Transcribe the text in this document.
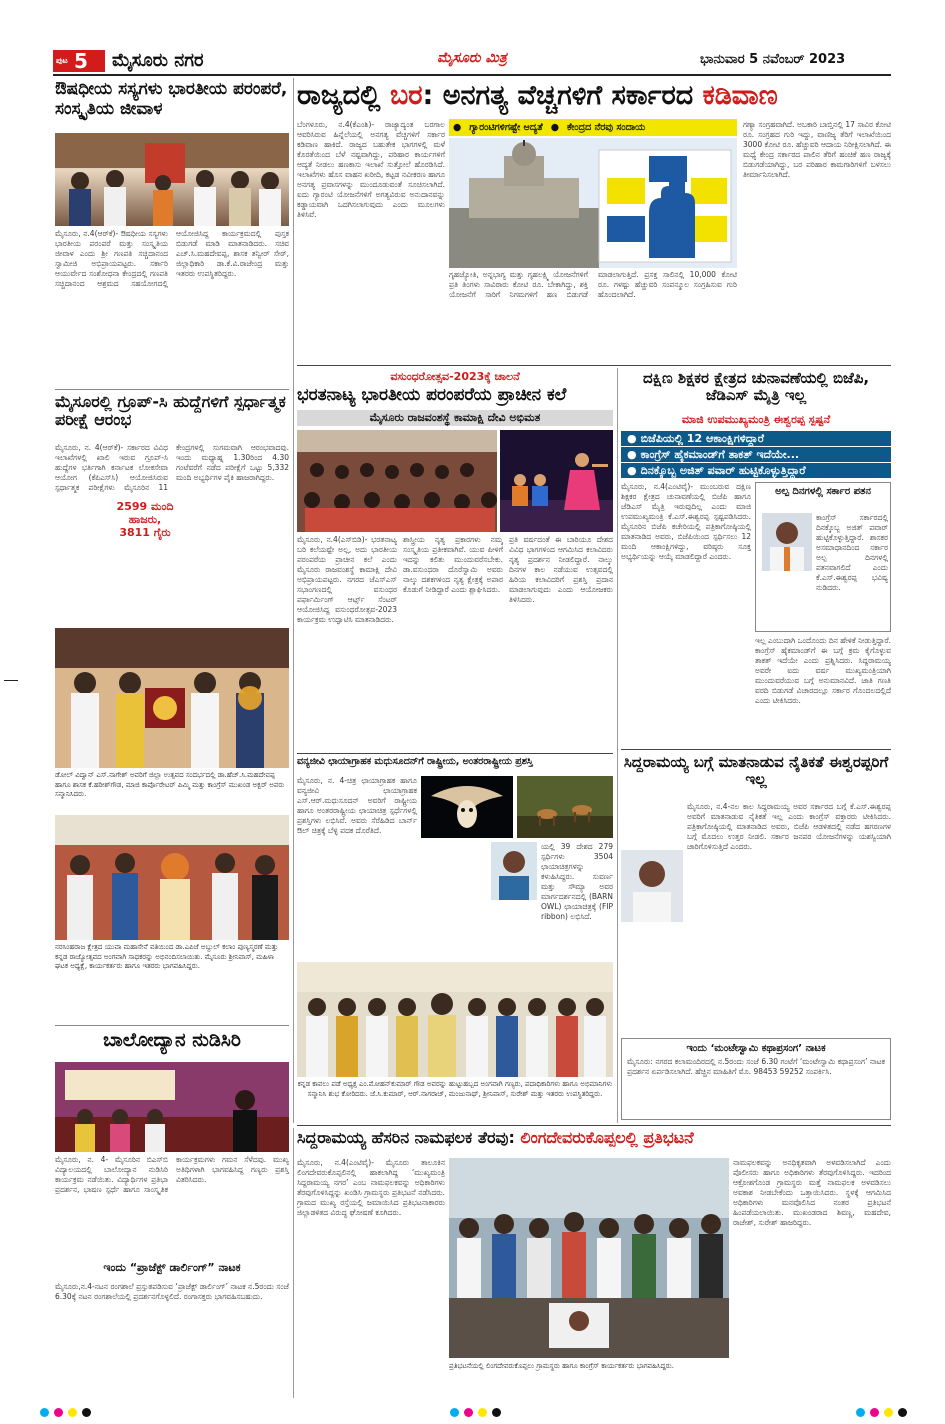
ಪುಟ 5 ಮೈಸೂರು ನಗರ	ಮೈಸೂರು ಮಿತ್ರ	ಭಾನುವಾರ 5 ನವೆಂಬರ್ 2023
ಔಷಧೀಯ ಸಸ್ಯಗಳು ಭಾರತೀಯ ಪರಂಪರೆ, ಸಂಸ್ಕೃತಿಯ ಜೀವಾಳ
ಮೈಸೂರು, ನ.4(ಆರ್‌ಕೆ)- ಔಷಧೀಯ ಸಸ್ಯಗಳು ಭಾರತೀಯ ಪರಂಪರೆ ಮತ್ತು ಸಂಸ್ಕೃತಿಯ ಜೀವಾಳ ಎಂದು ಶ್ರೀ ಗಣಪತಿ ಸಚ್ಚಿದಾನಂದ ಸ್ವಾಮೀಜಿ ಅಭಿಪ್ರಾಯಪಟ್ಟರು. ಸರ್ಕಾರಿ ಆಯುರ್ವೇದ ಸಂಶೋಧನಾ ಕೇಂದ್ರದಲ್ಲಿ ಗಣಪತಿ ಸಚ್ಚಿದಾನಂದ ಆಶ್ರಮದ ಸಹಯೋಗದಲ್ಲಿ ಆಯೋಜಿಸಿದ್ದ ಕಾರ್ಯಕ್ರಮದಲ್ಲಿ ಪುಸ್ತಕ ಬಿಡುಗಡೆ ಮಾಡಿ ಮಾತನಾಡಿದರು. ಸಚಿವ ಎಚ್.ಸಿ.ಮಹದೇವಪ್ಪ, ಶಾಸಕ ತನ್ವೀರ್ ಸೇಠ್, ಜಿಲ್ಲಾಧಿಕಾರಿ ಡಾ.ಕೆ.ವಿ.ರಾಜೇಂದ್ರ ಮತ್ತು ಇತರರು ಉಪಸ್ಥಿತರಿದ್ದರು.
ಮೈಸೂರಲ್ಲಿ ಗ್ರೂಪ್-ಸಿ ಹುದ್ದೆಗಳಿಗೆ ಸ್ಪರ್ಧಾತ್ಮಕ ಪರೀಕ್ಷೆ ಆರಂಭ
ಮೈಸೂರು, ನ. 4(ಆರ್‌ಕೆ)- ಸರ್ಕಾರದ ವಿವಿಧ ಇಲಾಖೆಗಳಲ್ಲಿ ಖಾಲಿ ಇರುವ ಗ್ರೂಪ್-ಸಿ ಹುದ್ದೆಗಳ ಭರ್ತಿಗಾಗಿ ಕರ್ನಾಟಕ ಲೋಕಸೇವಾ ಆಯೋಗ (ಕೆಪಿಎಸ್‌ಸಿ) ಆಯೋಜಿಸಿರುವ ಸ್ಪರ್ಧಾತ್ಮಕ ಪರೀಕ್ಷೆಗಳು ಮೈಸೂರಿನ 11 ಕೇಂದ್ರಗಳಲ್ಲಿ ಸುಗಮವಾಗಿ ಆರಂಭವಾದವು. ಇಂದು ಮಧ್ಯಾಹ್ನ 1.30ರಿಂದ 4.30 ಗಂಟೆವರೆಗೆ ನಡೆದ ಪರೀಕ್ಷೆಗೆ ಒಟ್ಟು 5,332 ಮಂದಿ ಅಭ್ಯರ್ಥಿಗಳ ಪೈಕಿ ಹಾಜರಾಗಿದ್ದರು.
2599 ಮಂದಿ
ಹಾಜರು,
3811 ಗೈರು
ಡೋಲ್ ವಿದ್ವಾನ್ ಎಸ್.ನಾಗೇಶ್ ಅವರಿಗೆ ಜಿಲ್ಲಾ ಉತ್ಸವದ ಸಂದರ್ಭದಲ್ಲಿ ಡಾ.ಹೆಚ್.ಸಿ.ಮಹದೇವಪ್ಪ ಹಾಗೂ ಶಾಸಕ ಕೆ.ಹರೀಶ್‌ಗೌಡ, ಮಾಜಿ ಕಾರ್ಪೊರೇಟರ್ ಪಿಮ್ಮಿ ಮತ್ತು ಕಾಂಗ್ರೆಸ್ ಮುಖಂಡ ಅಕ್ಬರ್ ಅವರು ಸನ್ಮಾನಿಸಿದರು.
ನರಸಿಂಹರಾಜ ಕ್ಷೇತ್ರದ ಯುವಾ ಮಹಾಸೇನೆ ವತಿಯಿಂದ ಡಾ.ಎಪಿಜೆ ಅಬ್ದುಲ್ ಕಲಾಂ ಪುಣ್ಯಸ್ಮರಣೆ ಮತ್ತು ಕನ್ನಡ ರಾಜ್ಯೋತ್ಸವದ ಅಂಗವಾಗಿ ಸಾಧಕರನ್ನು ಅಭಿನಂದಿಸಲಾಯಿತು. ಮೈಸೂರು ಶ್ರೀನಿವಾಸ್, ಮಹಿಳಾ ಘಟಕ ಅಧ್ಯಕ್ಷೆ, ಕಾರ್ಯಕರ್ತರು ಹಾಗೂ ಇತರರು ಭಾಗವಹಿಸಿದ್ದರು.
ಬಾಲೋದ್ಯಾನ ನುಡಿಸಿರಿ
ಮೈಸೂರು, ನ. 4- ಮೈಸೂರಿನ ಬಿಎಸ್‌ಬಿ ವಿದ್ಯಾಲಯದಲ್ಲಿ ಬಾಲೋದ್ಯಾನ ನುಡಿಸಿರಿ ಕಾರ್ಯಕ್ರಮ ನಡೆಯಿತು. ವಿದ್ಯಾರ್ಥಿಗಳ ಪ್ರತಿಭಾ ಪ್ರದರ್ಶನ, ಭಾಷಣ ಸ್ಪರ್ಧೆ ಹಾಗೂ ಸಾಂಸ್ಕೃತಿಕ ಕಾರ್ಯಕ್ರಮಗಳು ಗಮನ ಸೆಳೆದವು. ಮುಖ್ಯ ಅತಿಥಿಗಳಾಗಿ ಭಾಗವಹಿಸಿದ್ದ ಗಣ್ಯರು ಪ್ರಶಸ್ತಿ ವಿತರಿಸಿದರು.
ಇಂದು “ಪ್ರಾಜೆಕ್ಟ್ ಡಾರ್ಲಿಂಗ್” ನಾಟಕ
ಮೈಸೂರು,ನ.4-ನಟನ ರಂಗಶಾಲೆ ಪ್ರಸ್ತುತಪಡಿಸುವ ‘ಪ್ರಾಜೆಕ್ಟ್ ಡಾರ್ಲಿಂಗ್’ ನಾಟಕ ನ.5ರಂದು ಸಂಜೆ 6.30ಕ್ಕೆ ನಟನ ರಂಗಶಾಲೆಯಲ್ಲಿ ಪ್ರದರ್ಶನಗೊಳ್ಳಲಿದೆ. ರಂಗಾಸಕ್ತರು ಭಾಗವಹಿಸಬಹುದು.
ರಾಜ್ಯದಲ್ಲಿ ಬರ: ಅನಗತ್ಯ ವೆಚ್ಚಗಳಿಗೆ ಸರ್ಕಾರದ ಕಡಿವಾಣ
ಬೆಂಗಳೂರು, ನ.4(ಕೆಎಂಶಿ)- ರಾಜ್ಯಾದ್ಯಂತ ಬರಗಾಲ ಆವರಿಸಿರುವ ಹಿನ್ನೆಲೆಯಲ್ಲಿ ಅನಗತ್ಯ ವೆಚ್ಚಗಳಿಗೆ ಸರ್ಕಾರ ಕಡಿವಾಣ ಹಾಕಿದೆ. ರಾಜ್ಯದ ಬಹುತೇಕ ಭಾಗಗಳಲ್ಲಿ ಮಳೆ ಕೊರತೆಯಿಂದ ಬೆಳೆ ನಷ್ಟವಾಗಿದ್ದು, ಪರಿಹಾರ ಕಾರ್ಯಗಳಿಗೆ ಆದ್ಯತೆ ನೀಡಲು ಹಣಕಾಸು ಇಲಾಖೆ ಸುತ್ತೋಲೆ ಹೊರಡಿಸಿದೆ. ಇಲಾಖೆಗಳು ಹೊಸ ವಾಹನ ಖರೀದಿ, ಕಟ್ಟಡ ನವೀಕರಣ ಹಾಗೂ ಅನಗತ್ಯ ಪ್ರವಾಸಗಳನ್ನು ಮುಂದೂಡುವಂತೆ ಸೂಚಿಸಲಾಗಿದೆ. ಐದು ಗ್ಯಾರಂಟಿ ಯೋಜನೆಗಳಿಗೆ ಅಗತ್ಯವಿರುವ ಅನುದಾನವನ್ನು ಕಡ್ಡಾಯವಾಗಿ ಒದಗಿಸಲಾಗುವುದು ಎಂದು ಮೂಲಗಳು ತಿಳಿಸಿವೆ.
● ಗ್ಯಾರಂಟಿಗಳಿಗಷ್ಟೇ ಆದ್ಯತೆ ● ಕೇಂದ್ರದ ನೆರವು ಸಂದಾಯ
ಗೃಹಜ್ಯೋತಿ, ಅನ್ನಭಾಗ್ಯ ಮತ್ತು ಗೃಹಲಕ್ಷ್ಮಿ ಯೋಜನೆಗಳಿಗೆ ಪ್ರತಿ ತಿಂಗಳು ಸಾವಿರಾರು ಕೋಟಿ ರೂ. ಬೇಕಾಗಿದ್ದು, ಶಕ್ತಿ ಯೋಜನೆಗೆ ಸಾರಿಗೆ ನಿಗಮಗಳಿಗೆ ಹಣ ಬಿಡುಗಡೆ ಮಾಡಲಾಗುತ್ತಿದೆ. ಪ್ರಸಕ್ತ ಸಾಲಿನಲ್ಲಿ 10,000 ಕೋಟಿ ರೂ. ಗಳಷ್ಟು ಹೆಚ್ಚುವರಿ ಸಂಪನ್ಮೂಲ ಸಂಗ್ರಹಿಸುವ ಗುರಿ ಹೊಂದಲಾಗಿದೆ.
ಗಣ್ಯಾ ಸಂಗ್ರಹವಾಗಿದೆ. ಅಬಕಾರಿ ಬಾಬ್ತಿನಲ್ಲಿ 17 ಸಾವಿರ ಕೋಟಿ ರೂ. ಸಂಗ್ರಹದ ಗುರಿ ಇದ್ದು, ವಾಣಿಜ್ಯ ತೆರಿಗೆ ಇಲಾಖೆಯಿಂದ 3000 ಕೋಟಿ ರೂ. ಹೆಚ್ಚುವರಿ ಆದಾಯ ನಿರೀಕ್ಷಿಸಲಾಗಿದೆ. ಈ ಮಧ್ಯೆ ಕೇಂದ್ರ ಸರ್ಕಾರದ ಪಾಲಿನ ತೆರಿಗೆ ಹಂಚಿಕೆ ಹಣ ರಾಜ್ಯಕ್ಕೆ ಬಿಡುಗಡೆಯಾಗಿದ್ದು, ಬರ ಪರಿಹಾರ ಕಾಮಗಾರಿಗಳಿಗೆ ಬಳಸಲು ತೀರ್ಮಾನಿಸಲಾಗಿದೆ.
ವಸುಂಧರೋತ್ಸವ-2023ಕ್ಕೆ ಚಾಲನೆ
ಭರತನಾಟ್ಯ ಭಾರತೀಯ ಪರಂಪರೆಯ ಪ್ರಾಚೀನ ಕಲೆ
ಮೈಸೂರು ರಾಜವಂಶಸ್ಥೆ ಕಾಮಾಕ್ಷಿ ದೇವಿ ಅಭಿಮತ
ಮೈಸೂರು, ನ.4(ಎಸ್‌ಬಿಡಿ)- ಭರತನಾಟ್ಯ ಬರಿ ಕಲೆಯಷ್ಟೇ ಅಲ್ಲ, ಅದು ಭಾರತೀಯ ಪರಂಪರೆಯ ಪ್ರಾಚೀನ ಕಲೆ ಎಂದು ಮೈಸೂರು ರಾಜವಂಶಸ್ಥೆ ಕಾಮಾಕ್ಷಿ ದೇವಿ ಅಭಿಪ್ರಾಯಪಟ್ಟರು. ನಗರದ ಜೆಎಸ್‌ಎಸ್ ಸಭಾಂಗಣದಲ್ಲಿ ವಸುಂಧರ ಪರ್ಫಾರ್ಮಿಂಗ್ ಆರ್ಟ್ಸ್ ಸೆಂಟರ್ ಆಯೋಜಿಸಿದ್ದ ವಸುಂಧರೋತ್ಸವ-2023 ಕಾರ್ಯಕ್ರಮ ಉದ್ಘಾಟಿಸಿ ಮಾತನಾಡಿದರು.
ಶಾಸ್ತ್ರೀಯ ನೃತ್ಯ ಪ್ರಕಾರಗಳು ನಮ್ಮ ಸಂಸ್ಕೃತಿಯ ಪ್ರತೀಕವಾಗಿವೆ. ಯುವ ಪೀಳಿಗೆ ಇದನ್ನು ಕಲಿತು ಮುಂದುವರೆಸಬೇಕು. ಡಾ.ವಸುಂಧರಾ ದೊರೆಸ್ವಾಮಿ ಅವರು ನಾಲ್ಕು ದಶಕಗಳಿಂದ ನೃತ್ಯ ಕ್ಷೇತ್ರಕ್ಕೆ ಅಪಾರ ಕೊಡುಗೆ ನೀಡಿದ್ದಾರೆ ಎಂದು ಶ್ಲಾಘಿಸಿದರು.
ಪ್ರತಿ ವರ್ಷದಂತೆ ಈ ಬಾರಿಯೂ ದೇಶದ ವಿವಿಧ ಭಾಗಗಳಿಂದ ಆಗಮಿಸಿದ ಕಲಾವಿದರು ನೃತ್ಯ ಪ್ರದರ್ಶನ ನೀಡಲಿದ್ದಾರೆ. ನಾಲ್ಕು ದಿನಗಳ ಕಾಲ ನಡೆಯುವ ಉತ್ಸವದಲ್ಲಿ ಹಿರಿಯ ಕಲಾವಿದರಿಗೆ ಪ್ರಶಸ್ತಿ ಪ್ರದಾನ ಮಾಡಲಾಗುವುದು ಎಂದು ಆಯೋಜಕರು ತಿಳಿಸಿದರು.
ವನ್ಯಜೀವಿ ಛಾಯಾಗ್ರಾಹಕ ಮಧುಸೂದನ್‌ಗೆ ರಾಷ್ಟ್ರೀಯ, ಅಂತರರಾಷ್ಟ್ರೀಯ ಪ್ರಶಸ್ತಿ
ಮೈಸೂರು, ನ. 4-ಚಿತ್ರ ಛಾಯಾಗ್ರಾಹಕ ಹಾಗೂ ವನ್ಯಜೀವಿ ಛಾಯಾಗ್ರಾಹಕ ಎಸ್.ಆರ್.ಮಧುಸೂದನ್ ಅವರಿಗೆ ರಾಷ್ಟ್ರೀಯ ಹಾಗೂ ಅಂತರರಾಷ್ಟ್ರೀಯ ಛಾಯಾಚಿತ್ರ ಸ್ಪರ್ಧೆಗಳಲ್ಲಿ ಪ್ರಶಸ್ತಿಗಳು ಲಭಿಸಿವೆ. ಅವರು ಸೆರೆಹಿಡಿದ ಬಾರ್ನ್ ಔಲ್ ಚಿತ್ರಕ್ಕೆ ಬೆಳ್ಳಿ ಪದಕ ದೊರೆತಿದೆ.
ಯಲ್ಲಿ 39 ದೇಶದ 279 ಸ್ಪರ್ಧಿಗಳು 3504 ಛಾಯಾಚಿತ್ರಗಳನ್ನು ಕಳುಹಿಸಿದ್ದರು. ಸುವರ್ಣ ಮತ್ತು ಸೌಮ್ಯಾ ಅವರ ಮಾರ್ಗದರ್ಶನದಲ್ಲಿ (BARN OWL) ಛಾಯಾಚಿತ್ರಕ್ಕೆ (FIP ribbon) ಲಭಿಸಿದೆ.
ಕನ್ನಡ ಕಾವಲು ಪಡೆ ಅಧ್ಯಕ್ಷ ಎಂ.ಮೋಹನ್‌ಕುಮಾರ್ ಗೌಡ ಅವರನ್ನು ಹುಟ್ಟುಹಬ್ಬದ ಅಂಗವಾಗಿ ಗಣ್ಯರು, ಪದಾಧಿಕಾರಿಗಳು ಹಾಗೂ ಅಭಿಮಾನಿಗಳು ಸನ್ಮಾನಿಸಿ ಶುಭ ಕೋರಿದರು. ಜೆ.ಸಿ.ಕುಮಾರ್, ಆರ್.ನಾಗರಾಜ್, ಮಂಜುನಾಥ್, ಶ್ರೀನಿವಾಸ್, ಸುರೇಶ್ ಮತ್ತು ಇತರರು ಉಪಸ್ಥಿತರಿದ್ದರು.
ದಕ್ಷಿಣ ಶಿಕ್ಷಕರ ಕ್ಷೇತ್ರದ ಚುನಾವಣೆಯಲ್ಲಿ ಬಿಜೆಪಿ, ಜೆಡಿಎಸ್ ಮೈತ್ರಿ ಇಲ್ಲ
ಮಾಜಿ ಉಪಮುಖ್ಯಮಂತ್ರಿ ಈಶ್ವರಪ್ಪ ಸ್ಪಷ್ಟನೆ
● ಬಿಜೆಪಿಯಲ್ಲಿ 12 ಆಕಾಂಕ್ಷಿಗಳಿದ್ದಾರೆ
● ಕಾಂಗ್ರೆಸ್ ಹೈಕಮಾಂಡ್‌ಗೆ ತಾಕತ್ ಇದೆಯೇ...
● ದಿನಕ್ಕೊಬ್ಬ ಅಜಿತ್ ಪವಾರ್ ಹುಟ್ಟಿಕೊಳ್ಳುತ್ತಿದ್ದಾರೆ
ಮೈಸೂರು, ನ.4(ಎಂಟಿವೈ)- ಮುಂಬರುವ ದಕ್ಷಿಣ ಶಿಕ್ಷಕರ ಕ್ಷೇತ್ರದ ಚುನಾವಣೆಯಲ್ಲಿ ಬಿಜೆಪಿ ಹಾಗೂ ಜೆಡಿಎಸ್ ಮೈತ್ರಿ ಇರುವುದಿಲ್ಲ ಎಂದು ಮಾಜಿ ಉಪಮುಖ್ಯಮಂತ್ರಿ ಕೆ.ಎಸ್.ಈಶ್ವರಪ್ಪ ಸ್ಪಷ್ಟಪಡಿಸಿದರು. ಮೈಸೂರಿನ ಬಿಜೆಪಿ ಕಚೇರಿಯಲ್ಲಿ ಪತ್ರಿಕಾಗೋಷ್ಠಿಯಲ್ಲಿ ಮಾತನಾಡಿದ ಅವರು, ಬಿಜೆಪಿಯಿಂದ ಸ್ಪರ್ಧಿಸಲು 12 ಮಂದಿ ಆಕಾಂಕ್ಷಿಗಳಿದ್ದು, ವರಿಷ್ಠರು ಸೂಕ್ತ ಅಭ್ಯರ್ಥಿಯನ್ನು ಆಯ್ಕೆ ಮಾಡಲಿದ್ದಾರೆ ಎಂದರು.
ಅಲ್ಪ ದಿನಗಳಲ್ಲಿ ಸರ್ಕಾರ ಪತನ
ಕಾಂಗ್ರೆಸ್ ಸರ್ಕಾರದಲ್ಲಿ ದಿನಕ್ಕೊಬ್ಬ ಅಜಿತ್ ಪವಾರ್ ಹುಟ್ಟಿಕೊಳ್ಳುತ್ತಿದ್ದಾರೆ. ಶಾಸಕರ ಅಸಮಾಧಾನದಿಂದ ಸರ್ಕಾರ ಅಲ್ಪ ದಿನಗಳಲ್ಲಿ ಪತನವಾಗಲಿದೆ ಎಂದು ಕೆ.ಎಸ್.ಈಶ್ವರಪ್ಪ ಭವಿಷ್ಯ ನುಡಿದರು.
ಇಲ್ಲ ಎಂಬುದಾಗಿ ಒಂದೊಂದು ದಿನ ಹೇಳಿಕೆ ನೀಡುತ್ತಿದ್ದಾರೆ. ಕಾಂಗ್ರೆಸ್ ಹೈಕಮಾಂಡ್‌ಗೆ ಈ ಬಗ್ಗೆ ಕ್ರಮ ಕೈಗೊಳ್ಳುವ ತಾಕತ್ ಇದೆಯೇ ಎಂದು ಪ್ರಶ್ನಿಸಿದರು. ಸಿದ್ದರಾಮಯ್ಯ ಅವರೇ ಐದು ವರ್ಷ ಮುಖ್ಯಮಂತ್ರಿಯಾಗಿ ಮುಂದುವರೆಯುವ ಬಗ್ಗೆ ಅನುಮಾನವಿದೆ. ಜಾತಿ ಗಣತಿ ವರದಿ ಬಿಡುಗಡೆ ವಿಚಾರದಲ್ಲೂ ಸರ್ಕಾರ ಗೊಂದಲದಲ್ಲಿದೆ ಎಂದು ಟೀಕಿಸಿದರು.
ಸಿದ್ದರಾಮಯ್ಯ ಬಗ್ಗೆ ಮಾತನಾಡುವ ನೈತಿಕತೆ ಈಶ್ವರಪ್ಪರಿಗೆ ಇಲ್ಲ
ಮೈಸೂರು, ನ.4-ನಲ ಕಾಲ ಸಿದ್ದರಾಮಯ್ಯ ಅವರ ಸರ್ಕಾರದ ಬಗ್ಗೆ ಕೆ.ಎಸ್.ಈಶ್ವರಪ್ಪ ಅವರಿಗೆ ಮಾತನಾಡುವ ನೈತಿಕತೆ ಇಲ್ಲ ಎಂದು ಕಾಂಗ್ರೆಸ್ ವಕ್ತಾರರು ಟೀಕಿಸಿದರು. ಪತ್ರಿಕಾಗೋಷ್ಠಿಯಲ್ಲಿ ಮಾತನಾಡಿದ ಅವರು, ಬಿಜೆಪಿ ಆಡಳಿತದಲ್ಲಿ ನಡೆದ ಹಗರಣಗಳ ಬಗ್ಗೆ ಮೊದಲು ಉತ್ತರ ನೀಡಲಿ. ಸರ್ಕಾರ ಜನಪರ ಯೋಜನೆಗಳನ್ನು ಯಶಸ್ವಿಯಾಗಿ ಜಾರಿಗೊಳಿಸುತ್ತಿದೆ ಎಂದರು.
ಇಂದು ‘ಮಂಟೇಸ್ವಾಮಿ ಕಥಾಪ್ರಸಂಗ’ ನಾಟಕ
ಮೈಸೂರು: ನಗರದ ಕಲಾಮಂದಿರದಲ್ಲಿ ನ.5ರಂದು ಸಂಜೆ 6.30 ಗಂಟೆಗೆ ‘ಮಂಟೇಸ್ವಾಮಿ ಕಥಾಪ್ರಸಂಗ’ ನಾಟಕ ಪ್ರದರ್ಶನ ಏರ್ಪಡಿಸಲಾಗಿದೆ. ಹೆಚ್ಚಿನ ಮಾಹಿತಿಗೆ ಮೊ. 98453 59252 ಸಂಪರ್ಕಿಸಿ.
ಸಿದ್ದರಾಮಯ್ಯ ಹೆಸರಿನ ನಾಮಫಲಕ ತೆರವು: ಲಿಂಗದೇವರುಕೊಪ್ಪಲಲ್ಲಿ ಪ್ರತಿಭಟನೆ
ಮೈಸೂರು, ನ.4(ಎಂಟಿವೈ)- ಮೈಸೂರು ತಾಲೂಕಿನ ಲಿಂಗದೇವರುಕೊಪ್ಪಲಿನಲ್ಲಿ ಹಾಕಲಾಗಿದ್ದ ‘ಮುಖ್ಯಮಂತ್ರಿ ಸಿದ್ದರಾಮಯ್ಯ ನಗರ’ ಎಂಬ ನಾಮಫಲಕವನ್ನು ಅಧಿಕಾರಿಗಳು ತೆರವುಗೊಳಿಸಿದ್ದನ್ನು ಖಂಡಿಸಿ ಗ್ರಾಮಸ್ಥರು ಪ್ರತಿಭಟನೆ ನಡೆಸಿದರು. ಗ್ರಾಮದ ಮುಖ್ಯ ರಸ್ತೆಯಲ್ಲಿ ಜಮಾಯಿಸಿದ ಪ್ರತಿಭಟನಾಕಾರರು ಜಿಲ್ಲಾಡಳಿತದ ವಿರುದ್ಧ ಘೋಷಣೆ ಕೂಗಿದರು.
ಪ್ರತಿಭಟನೆಯಲ್ಲಿ ಲಿಂಗದೇವರುಕೊಪ್ಪಲು ಗ್ರಾಮಸ್ಥರು ಹಾಗೂ ಕಾಂಗ್ರೆಸ್ ಕಾರ್ಯಕರ್ತರು ಭಾಗವಹಿಸಿದ್ದರು.
ನಾಮಫಲಕವನ್ನು ಅನಧಿಕೃತವಾಗಿ ಅಳವಡಿಸಲಾಗಿದೆ ಎಂದು ಪೊಲೀಸರು ಹಾಗೂ ಅಧಿಕಾರಿಗಳು ತೆರವುಗೊಳಿಸಿದ್ದರು. ಇದರಿಂದ ಆಕ್ರೋಶಗೊಂಡ ಗ್ರಾಮಸ್ಥರು ಮತ್ತೆ ನಾಮಫಲಕ ಅಳವಡಿಸಲು ಅವಕಾಶ ನೀಡಬೇಕೆಂದು ಒತ್ತಾಯಿಸಿದರು. ಸ್ಥಳಕ್ಕೆ ಆಗಮಿಸಿದ ಅಧಿಕಾರಿಗಳು ಮನವೊಲಿಸಿದ ನಂತರ ಪ್ರತಿಭಟನೆ ಹಿಂಪಡೆಯಲಾಯಿತು. ಮುಖಂಡರಾದ ಶಿವಣ್ಣ, ಮಹದೇವ, ರಾಜೇಶ್, ಸುರೇಶ್ ಹಾಜರಿದ್ದರು.
